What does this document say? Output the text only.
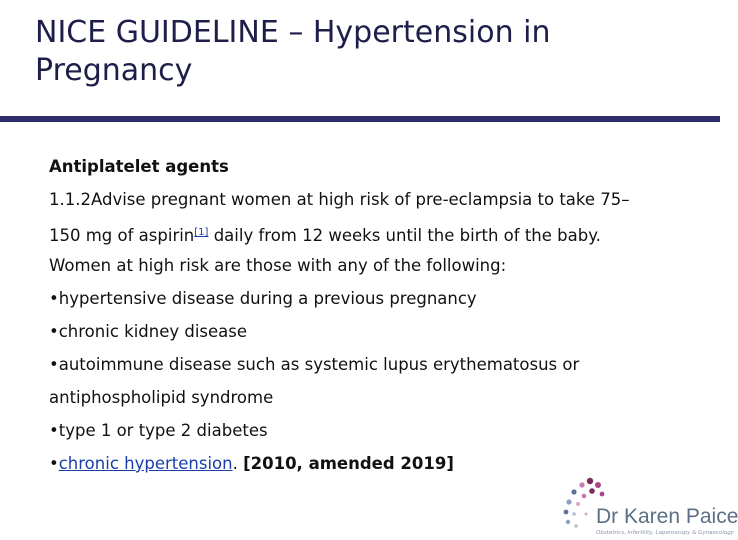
NICE GUIDELINE – Hypertension in Pregnancy
Antiplatelet agents
1.1.2Advise pregnant women at high risk of pre-eclampsia to take 75–
150 mg of aspirin[1] daily from 12 weeks until the birth of the baby.
Women at high risk are those with any of the following:
•hypertensive disease during a previous pregnancy
•chronic kidney disease
•autoimmune disease such as systemic lupus erythematosus or
antiphospholipid syndrome
•type 1 or type 2 diabetes
•chronic hypertension. [2010, amended 2019]
Dr Karen Paice
Obstetrics, Infertility, Laparoscopy & Gynaecology
